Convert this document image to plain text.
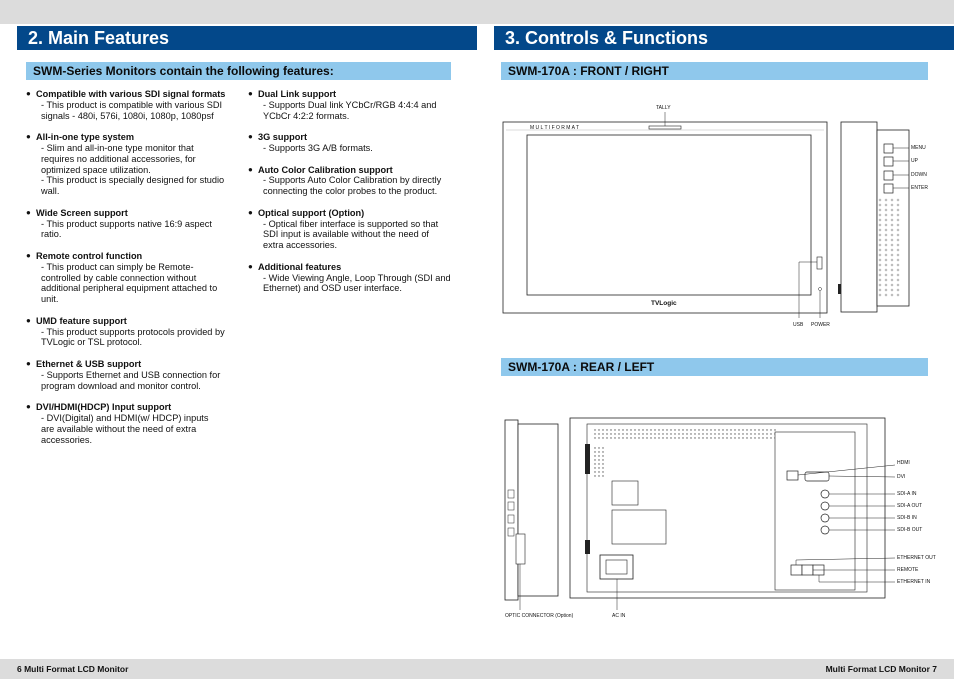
2. Main Features	3. Controls & Functions
SWM-Series Monitors contain the following features:	SWM-170A : FRONT / RIGHT
SWM-170A : REAR / LEFT
● Compatible with various SDI signal formats
- This product is compatible with various SDI
signals - 480i, 576i, 1080i, 1080p, 1080psf
● All-in-one type system
- Slim and all-in-one type monitor that
requires no additional accessories, for
optimized space utilization.
- This product is specially designed for studio
wall.
● Wide Screen support
- This product supports native 16:9 aspect
ratio.
● Remote control function
- This product can simply be Remote-
controlled by cable connection without
additional peripheral equipment attached to
unit.
● UMD feature support
- This product supports protocols provided by
TVLogic or TSL protocol.
● Ethernet & USB support
- Supports Ethernet and USB connection for
program download and monitor control.
● DVI/HDMI(HDCP) Input support
- DVI(Digital) and HDMI(w/ HDCP) inputs
are available without the need of extra
accessories.
● Dual Link support
- Supports Dual link YCbCr/RGB 4:4:4 and
YCbCr 4:2:2 formats.
● 3G support
- Supports 3G A/B formats.
● Auto Color Calibration support
- Supports Auto Color Calibration by directly
connecting the color probes to the product.
● Optical support (Option)
- Optical fiber interface is supported so that
SDI input is available without the need of
extra accessories.
● Additional features
- Wide Viewing Angle, Loop Through (SDI and
Ethernet) and OSD user interface.
TALLY
M U L T I F O R M A T
TVLogic
USB POWER
MENU
UP
DOWN
ENTER
HDMI
DVI
SDI-A IN
SDI-A OUT
SDI-B IN
SDI-B OUT
ETHERNET OUT
REMOTE
ETHERNET IN
OPTIC CONNECTOR (Option)	AC IN
6 Multi Format LCD Monitor	Multi Format LCD Monitor 7
